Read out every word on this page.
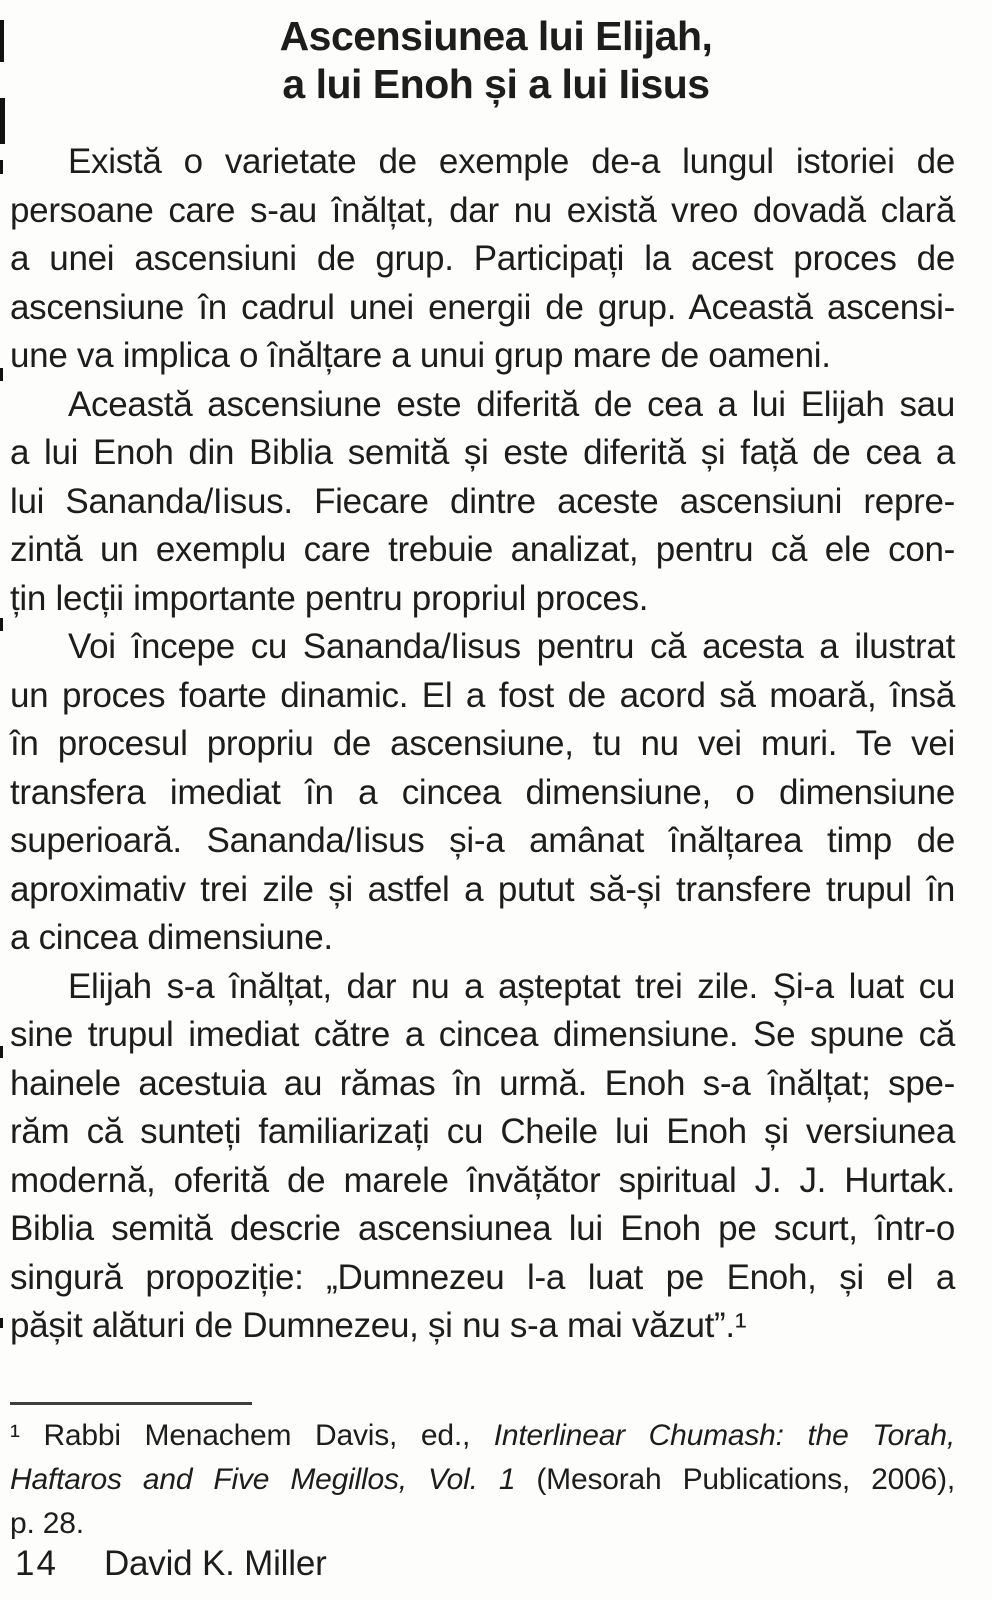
Ascensiunea lui Elijah,
a lui Enoh și a lui Iisus
Există o varietate de exemple de-a lungul istoriei de
persoane care s-au înălțat, dar nu există vreo dovadă clară
a unei ascensiuni de grup. Participați la acest proces de
ascensiune în cadrul unei energii de grup. Această ascensi-
une va implica o înălțare a unui grup mare de oameni.
Această ascensiune este diferită de cea a lui Elijah sau
a lui Enoh din Biblia semită și este diferită și față de cea a
lui Sananda/Iisus. Fiecare dintre aceste ascensiuni repre-
zintă un exemplu care trebuie analizat, pentru că ele con-
țin lecții importante pentru propriul proces.
Voi începe cu Sananda/Iisus pentru că acesta a ilustrat
un proces foarte dinamic. El a fost de acord să moară, însă
în procesul propriu de ascensiune, tu nu vei muri. Te vei
transfera imediat în a cincea dimensiune, o dimensiune
superioară. Sananda/Iisus și-a amânat înălțarea timp de
aproximativ trei zile și astfel a putut să-și transfere trupul în
a cincea dimensiune.
Elijah s-a înălțat, dar nu a așteptat trei zile. Și-a luat cu
sine trupul imediat către a cincea dimensiune. Se spune că
hainele acestuia au rămas în urmă. Enoh s-a înălțat; spe-
răm că sunteți familiarizați cu Cheile lui Enoh și versiunea
modernă, oferită de marele învățător spiritual J. J. Hurtak.
Biblia semită descrie ascensiunea lui Enoh pe scurt, într-o
singură propoziție: „Dumnezeu l-a luat pe Enoh, și el a
pășit alături de Dumnezeu, și nu s-a mai văzut”.¹
¹ Rabbi Menachem Davis, ed., Interlinear Chumash: the Torah,
Haftaros and Five Megillos, Vol. 1 (Mesorah Publications, 2006),
p. 28.
14 David K. Miller
